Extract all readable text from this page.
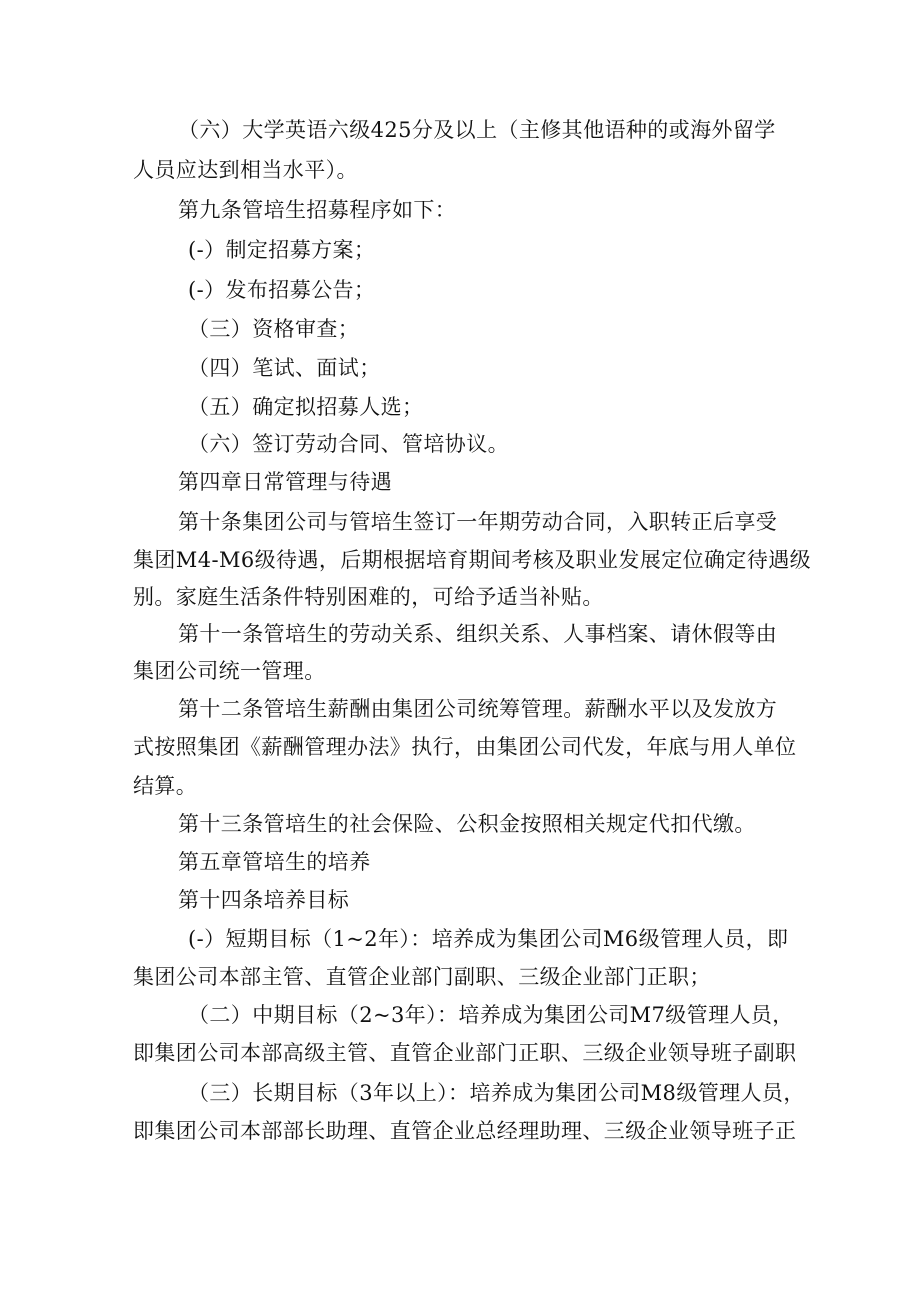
（六）大学英语六级425分及以上（主修其他语种的或海外留学
人员应达到相当水平）。
第九条管培生招募程序如下：
(-）制定招募方案；
(-）发布招募公告；
（三）资格审查；
（四）笔试、面试；
（五）确定拟招募人选；
（六）签订劳动合同、管培协议。
第四章日常管理与待遇
第十条集团公司与管培生签订一年期劳动合同，入职转正后享受
集团M4-M6级待遇，后期根据培育期间考核及职业发展定位确定待遇级
别。家庭生活条件特别困难的，可给予适当补贴。
第十一条管培生的劳动关系、组织关系、人事档案、请休假等由
集团公司统一管理。
第十二条管培生薪酬由集团公司统筹管理。薪酬水平以及发放方
式按照集团《薪酬管理办法》执行，由集团公司代发，年底与用人单位
结算。
第十三条管培生的社会保险、公积金按照相关规定代扣代缴。
第五章管培生的培养
第十四条培养目标
(-）短期目标（1~2年）：培养成为集团公司M6级管理人员，即
集团公司本部主管、直管企业部门副职、三级企业部门正职；
（二）中期目标（2~3年）：培养成为集团公司M7级管理人员，
即集团公司本部高级主管、直管企业部门正职、三级企业领导班子副职
（三）长期目标（3年以上）：培养成为集团公司M8级管理人员，
即集团公司本部部长助理、直管企业总经理助理、三级企业领导班子正
